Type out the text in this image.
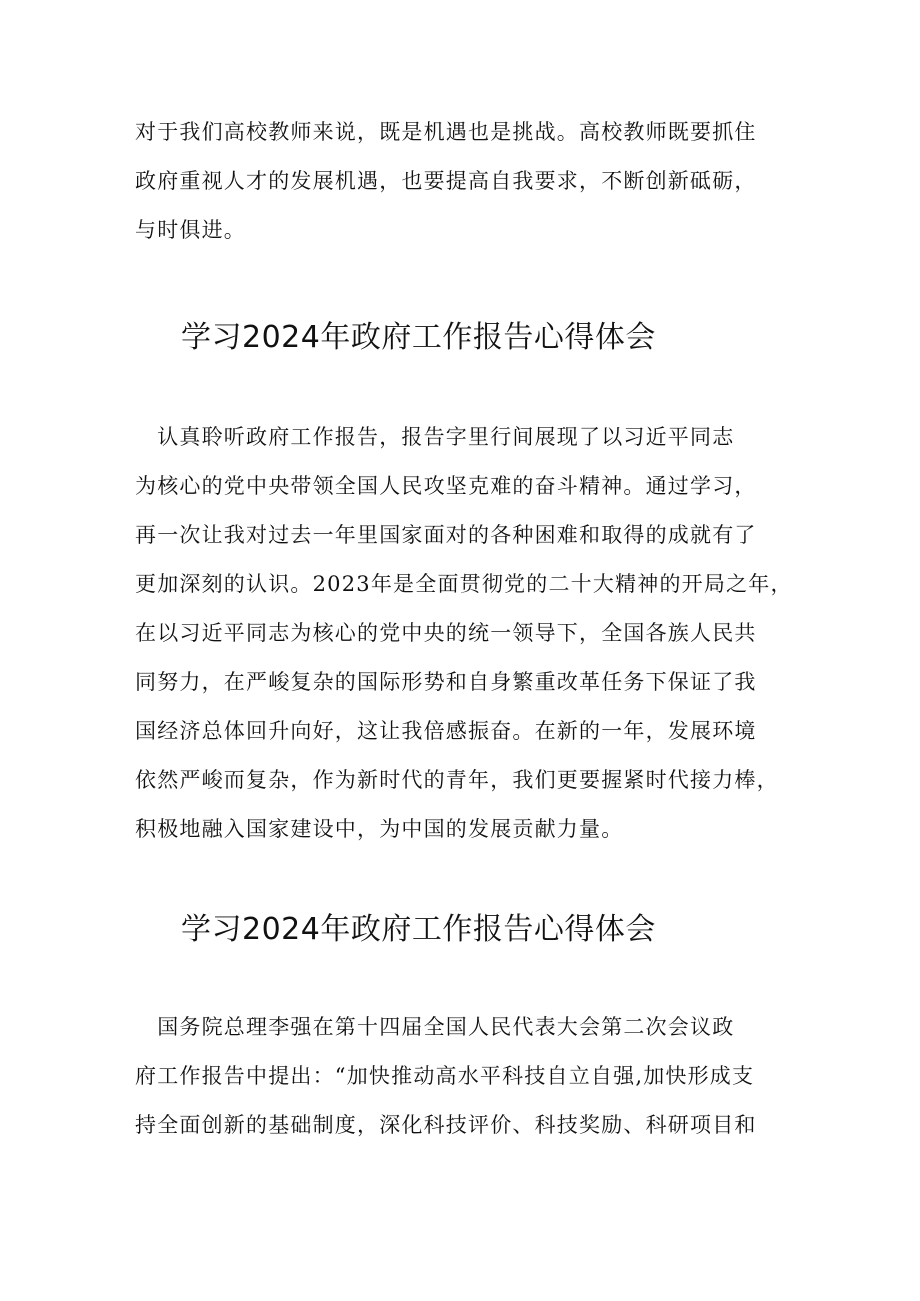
对于我们高校教师来说，既是机遇也是挑战。高校教师既要抓住
政府重视人才的发展机遇，也要提高自我要求，不断创新砥砺，
与时俱进。
学习2024年政府工作报告心得体会
　认真聆听政府工作报告，报告字里行间展现了以习近平同志
为核心的党中央带领全国人民攻坚克难的奋斗精神。通过学习，
再一次让我对过去一年里国家面对的各种困难和取得的成就有了
更加深刻的认识。2023年是全面贯彻党的二十大精神的开局之年，
在以习近平同志为核心的党中央的统一领导下，全国各族人民共
同努力，在严峻复杂的国际形势和自身繁重改革任务下保证了我
国经济总体回升向好，这让我倍感振奋。在新的一年，发展环境
依然严峻而复杂，作为新时代的青年，我们更要握紧时代接力棒，
积极地融入国家建设中，为中国的发展贡献力量。
学习2024年政府工作报告心得体会
　国务院总理李强在第十四届全国人民代表大会第二次会议政
府工作报告中提出：“加快推动高水平科技自立自强,加快形成支
持全面创新的基础制度，深化科技评价、科技奖励、科研项目和
